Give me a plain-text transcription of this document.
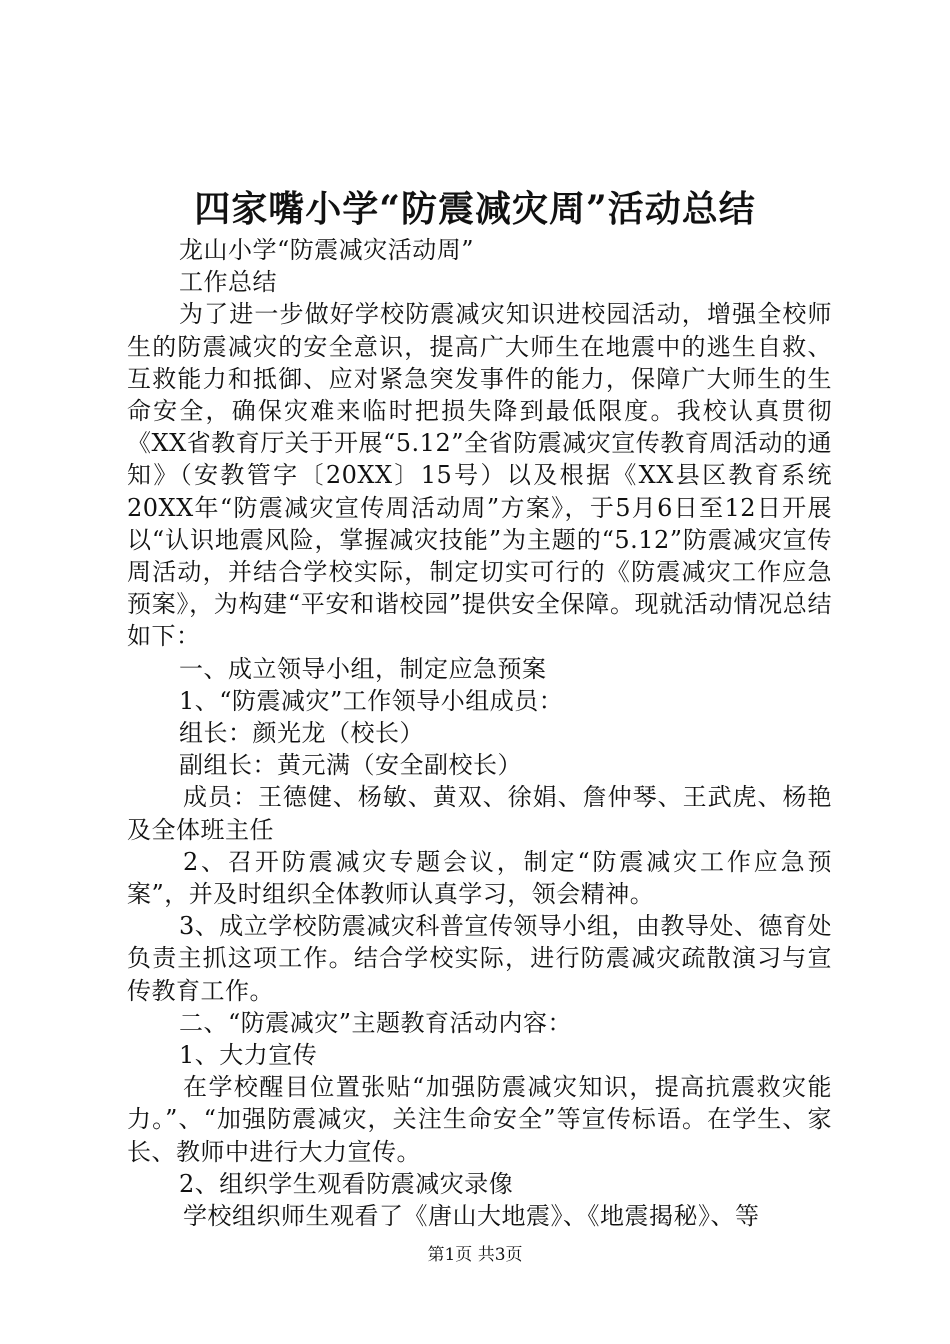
四家嘴小学“防震减灾周”活动总结

龙山小学“防震减灾活动周”

工作总结

为了进一步做好学校防震减灾知识进校园活动，增强全校师生的防震减灾的安全意识，提高广大师生在地震中的逃生自救、互救能力和抵御、应对紧急突发事件的能力，保障广大师生的生命安全，确保灾难来临时把损失降到最低限度。我校认真贯彻《XX省教育厅关于开展“5.12”全省防震减灾宣传教育周活动的通知》（安教管字〔20XX〕15号）以及根据《XX县区教育系统20XX年“防震减灾宣传周活动周”方案》，于5月6日至12日开展以“认识地震风险，掌握减灾技能”为主题的“5.12”防震减灾宣传周活动，并结合学校实际，制定切实可行的《防震减灾工作应急预案》，为构建“平安和谐校园”提供安全保障。现就活动情况总结如下：

一、成立领导小组，制定应急预案

1、“防震减灾”工作领导小组成员：

组长：颜光龙（校长）

副组长：黄元满（安全副校长）

成员：王德健、杨敏、黄双、徐娟、詹仲琴、王武虎、杨艳及全体班主任

2、召开防震减灾专题会议，制定“防震减灾工作应急预案”，并及时组织全体教师认真学习，领会精神。

3、成立学校防震减灾科普宣传领导小组，由教导处、德育处负责主抓这项工作。结合学校实际，进行防震减灾疏散演习与宣传教育工作。

二、“防震减灾”主题教育活动内容：

1、大力宣传

在学校醒目位置张贴“加强防震减灾知识，提高抗震救灾能力。”、“加强防震减灾，关注生命安全”等宣传标语。在学生、家长、教师中进行大力宣传。

2、组织学生观看防震减灾录像

学校组织师生观看了《唐山大地震》、《地震揭秘》、等

第1页 共3页
